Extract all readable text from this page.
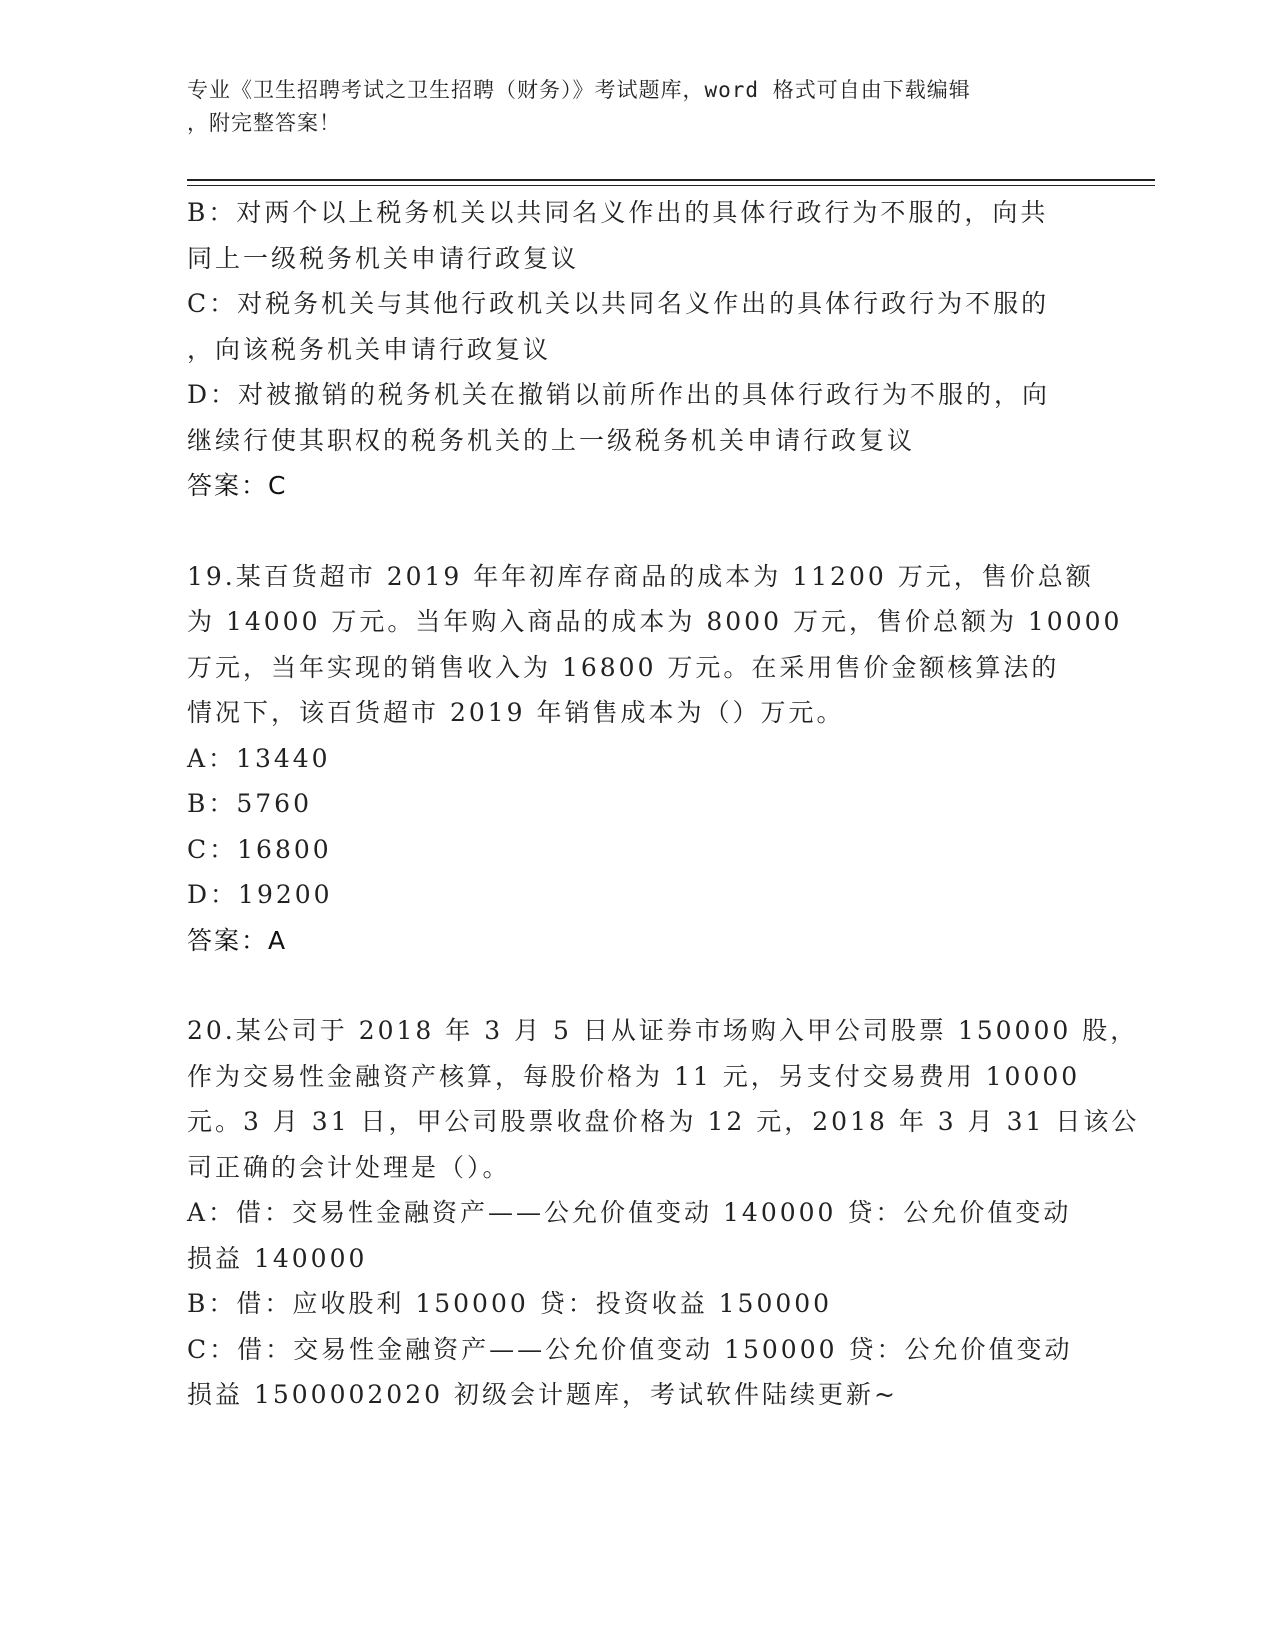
专业《卫生招聘考试之卫生招聘（财务）》考试题库，word 格式可自由下载编辑
，附完整答案！
B：对两个以上税务机关以共同名义作出的具体行政行为不服的，向共
同上一级税务机关申请行政复议
C：对税务机关与其他行政机关以共同名义作出的具体行政行为不服的
，向该税务机关申请行政复议
D：对被撤销的税务机关在撤销以前所作出的具体行政行为不服的，向
继续行使其职权的税务机关的上一级税务机关申请行政复议
答案：C
19.某百货超市 2019 年年初库存商品的成本为 11200 万元，售价总额
为 14000 万元。当年购入商品的成本为 8000 万元，售价总额为 10000
万元，当年实现的销售收入为 16800 万元。在采用售价金额核算法的
情况下，该百货超市 2019 年销售成本为（）万元。
A：13440
B：5760
C：16800
D：19200
答案：A
20.某公司于 2018 年 3 月 5 日从证券市场购入甲公司股票 150000 股，
作为交易性金融资产核算，每股价格为 11 元，另支付交易费用 10000
元。3 月 31 日，甲公司股票收盘价格为 12 元，2018 年 3 月 31 日该公
司正确的会计处理是（）。
A：借：交易性金融资产——公允价值变动 140000 贷：公允价值变动
损益 140000
B：借：应收股利 150000 贷：投资收益 150000
C：借：交易性金融资产——公允价值变动 150000 贷：公允价值变动
损益 1500002020 初级会计题库，考试软件陆续更新~
